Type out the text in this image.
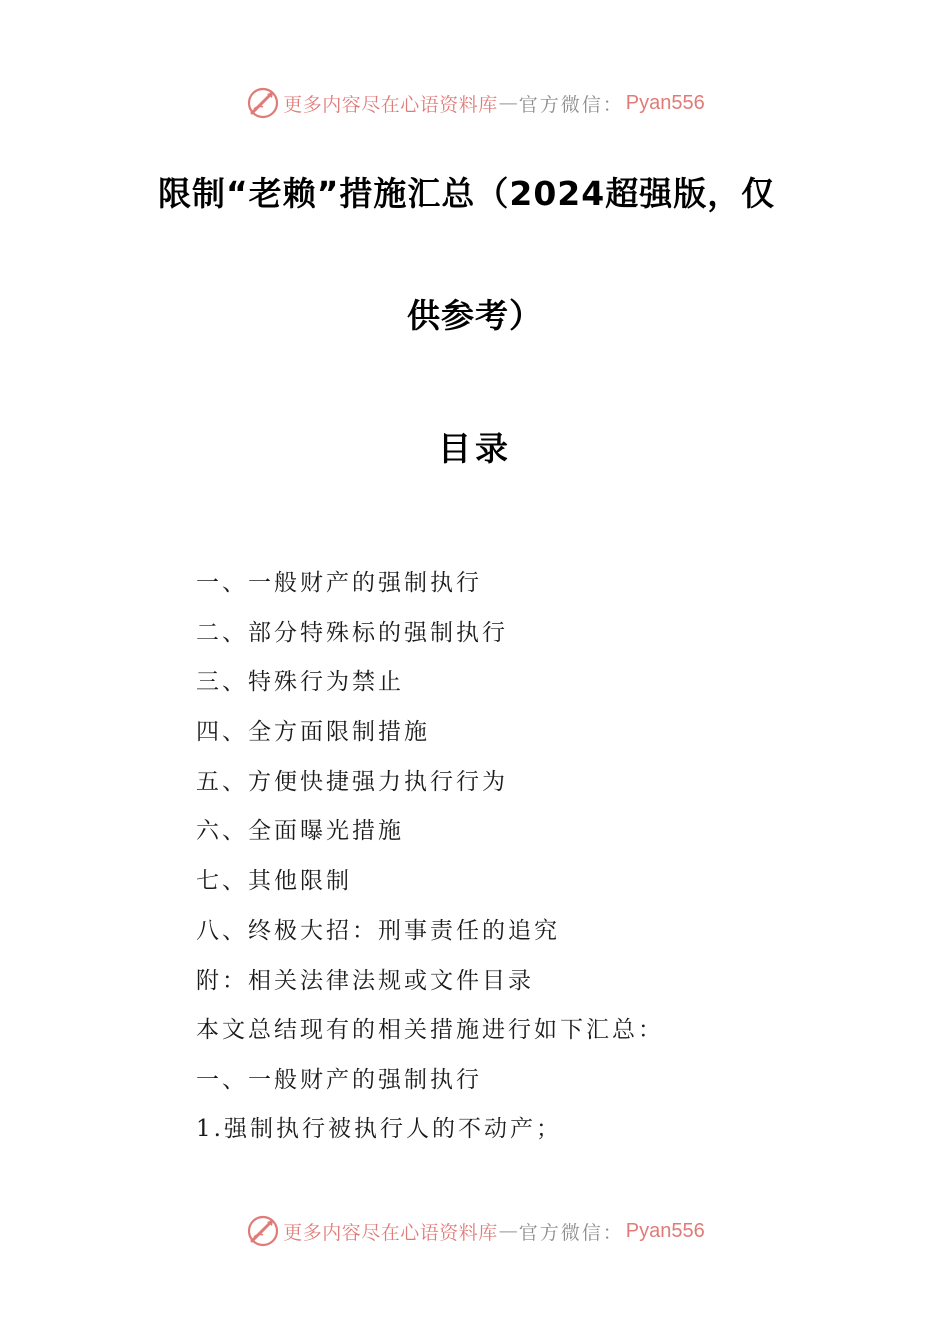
更多内容尽在心语资料库 — 官方微信： Pyan556
限制“老赖”措施汇总（2024超强版，仅
供参考）
目录
一、一般财产的强制执行
二、部分特殊标的强制执行
三、特殊行为禁止
四、全方面限制措施
五、方便快捷强力执行行为
六、全面曝光措施
七、其他限制
八、终极大招：刑事责任的追究
附：相关法律法规或文件目录
本文总结现有的相关措施进行如下汇总：
一、一般财产的强制执行
1.强制执行被执行人的不动产；
更多内容尽在心语资料库 — 官方微信： Pyan556
